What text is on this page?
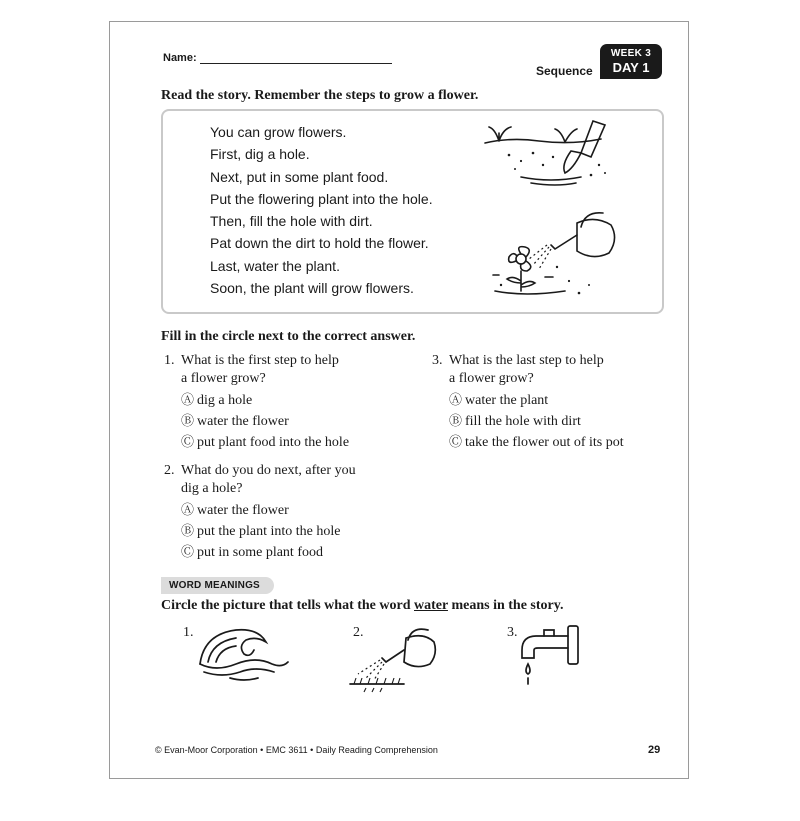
Name:
Sequence
WEEK 3
DAY 1
Read the story. Remember the steps to grow a flower.
You can grow flowers.
First, dig a hole.
Next, put in some plant food.
Put the flowering plant into the hole.
Then, fill the hole with dirt.
Pat down the dirt to hold the flower.
Last, water the plant.
Soon, the plant will grow flowers.
Fill in the circle next to the correct answer.
1. What is the first step to help
a flower grow?
Ⓐ dig a hole
Ⓑ water the flower
Ⓒ put plant food into the hole
2. What do you do next, after you
dig a hole?
Ⓐ water the flower
Ⓑ put the plant into the hole
Ⓒ put in some plant food
3. What is the last step to help
a flower grow?
Ⓐ water the plant
Ⓑ fill the hole with dirt
Ⓒ take the flower out of its pot
WORD MEANINGS
Circle the picture that tells what the word water means in the story.
1.	2.	3.
© Evan-Moor Corporation • EMC 3611 • Daily Reading Comprehension	29
